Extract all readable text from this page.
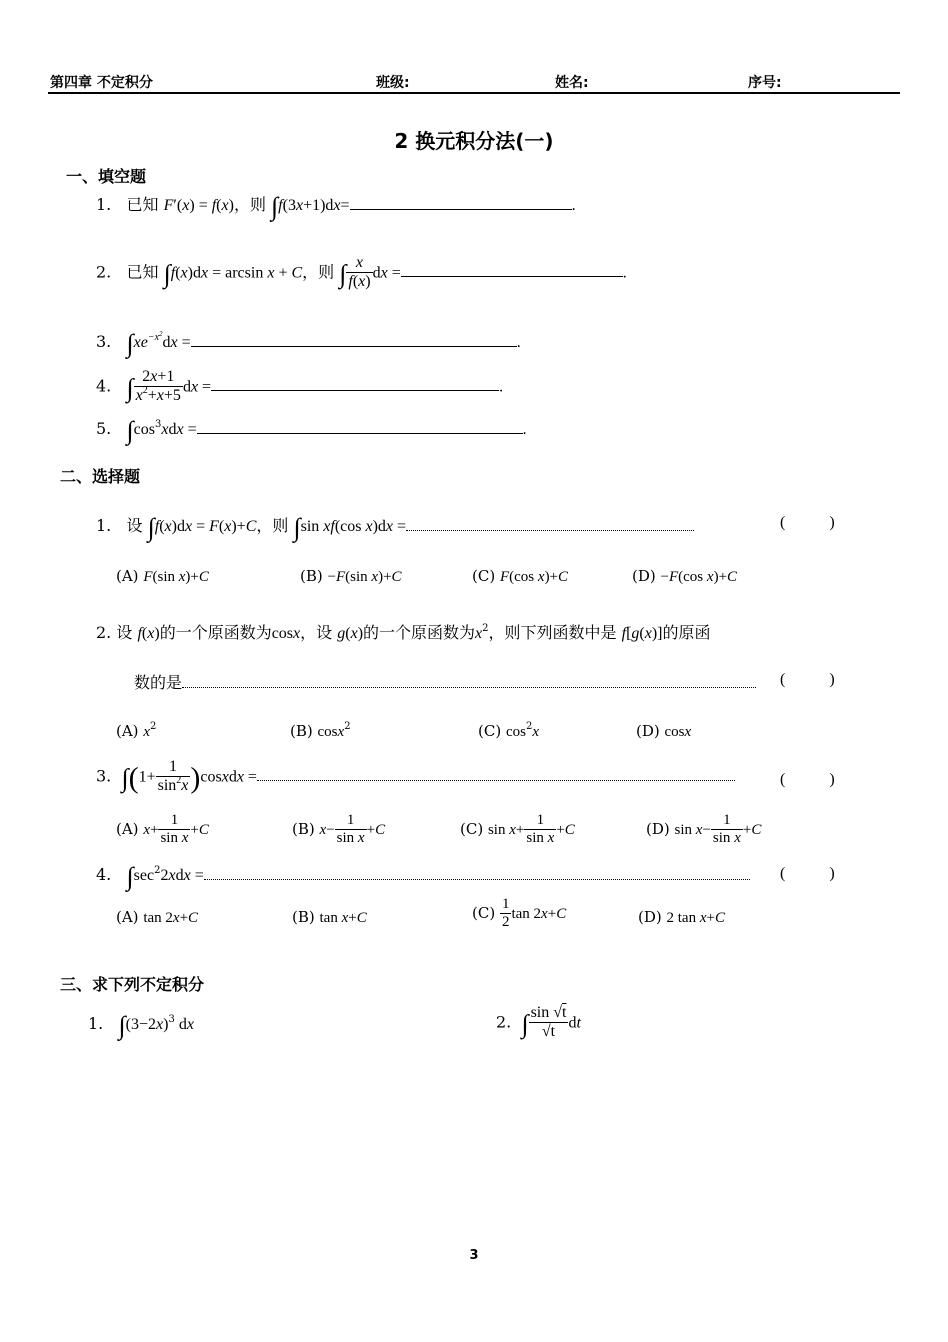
第四章 不定积分	班级:	姓名:	序号:
2 换元积分法(一)
一、填空题
1. 已知 F′(x) = f(x)，则 ∫f(3x+1)dx=	.
2. 已知 ∫f(x)dx = arcsin x + C，则 ∫ $\frac{x}{f(x)}$ dx =	.
3. $\int xe^{-x^2}dx$ =	.
4. ∫ $\frac{2x+1}{x^2+x+5}$ dx =	.
5. $\int\cos^3xdx$ =	.
二、选择题
1. 设 ∫f(x)dx = F(x)+C，则 ∫sin xf(cos x)dx =	(           )
(A) F(sin x)+C	(B) −F(sin x)+C	(C) F(cos x)+C	(D) −F(cos x)+C
2. 设 f(x)的一个原函数为cosx，设 g(x)的一个原函数为$x^2$，则下列函数中是 f[g(x)]的原函
数的是	(           )
(A) $x^2$	(B) cosx$^2$	(C) $\cos^2x$	(D) cosx
3. $\int(1+ \frac{1}{\sin^2x}$ )cosxdx =	(           )
(A) $x+ \frac{1}{\text{sin x}} +C$	(B) $x- \frac{1}{\text{sin x}} +C$	(C) $\sin x+ \frac{1}{\text{sin x}} +C$	(D) $\sin x- \frac{1}{\text{sin x}} +C$
4. $\int\sec^22xdx$ =	(           )
(A) tan 2x+C	(B) tan x+C	$(C) \frac{1}{2}$ tan 2x+C	(D) 2 tan x+C
三、求下列不定积分
1. $\int(3-2x)^3$ dx	2. ∫ $\frac{\sin √t}{√t}$ dt
3
